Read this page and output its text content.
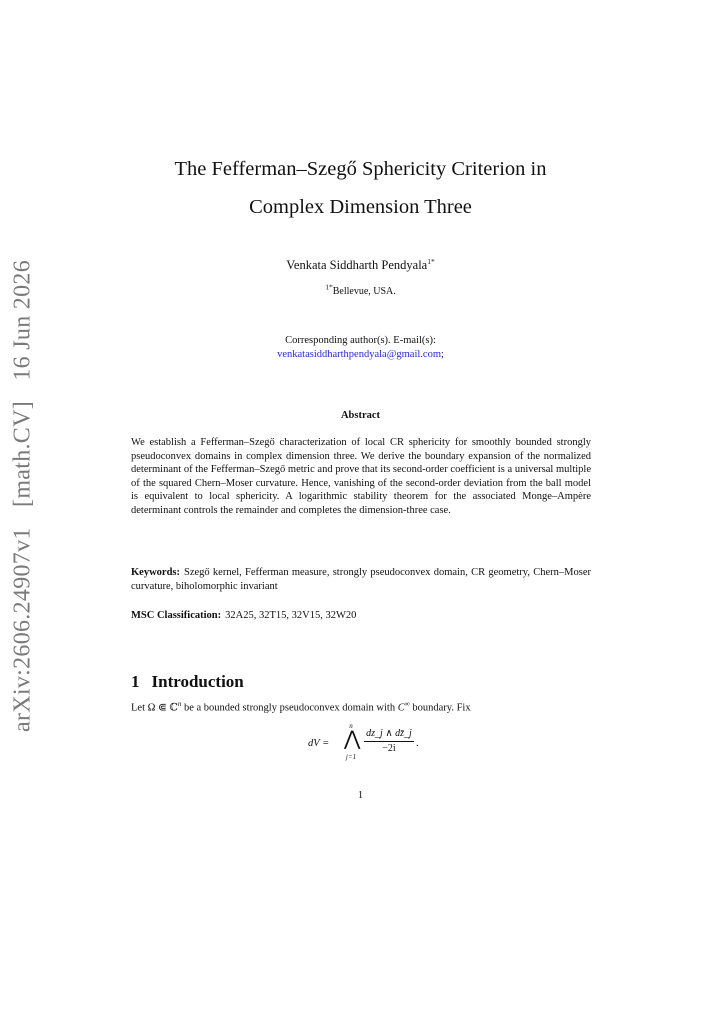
arXiv:2606.24907v1 [math.CV] 16 Jun 2026
The Fefferman–Szegő Sphericity Criterion in
Complex Dimension Three
Venkata Siddharth Pendyala$^{1*}$
$^{1*}$Bellevue, USA.
Corresponding author(s). E-mail(s):
venkatasiddharthpendyala@gmail.com;
Abstract
We establish a Fefferman–Szegő characterization of local CR sphericity for smoothly bounded strongly pseudoconvex domains in complex dimension three. We derive the boundary expansion of the normalized determinant of the Fefferman–Szegő metric and prove that its second-order coefficient is a universal multiple of the squared Chern–Moser curvature. Hence, vanishing of the second-order deviation from the ball model is equivalent to local sphericity. A logarithmic stability theorem for the associated Monge–Ampère determinant controls the remainder and completes the dimension-three case.
Keywords: Szegő kernel, Fefferman measure, strongly pseudoconvex domain, CR geometry, Chern–Moser curvature, biholomorphic invariant
MSC Classification: 32A25, 32T15, 32V15, 32W20
1 Introduction
Let Ω ⋐ ℂ$^n$ be a bounded strongly pseudoconvex domain with C∞ boundary. Fix
dV =
n
⋀
j=1
dz_j ∧ dz̄_j
−2i	.
1
